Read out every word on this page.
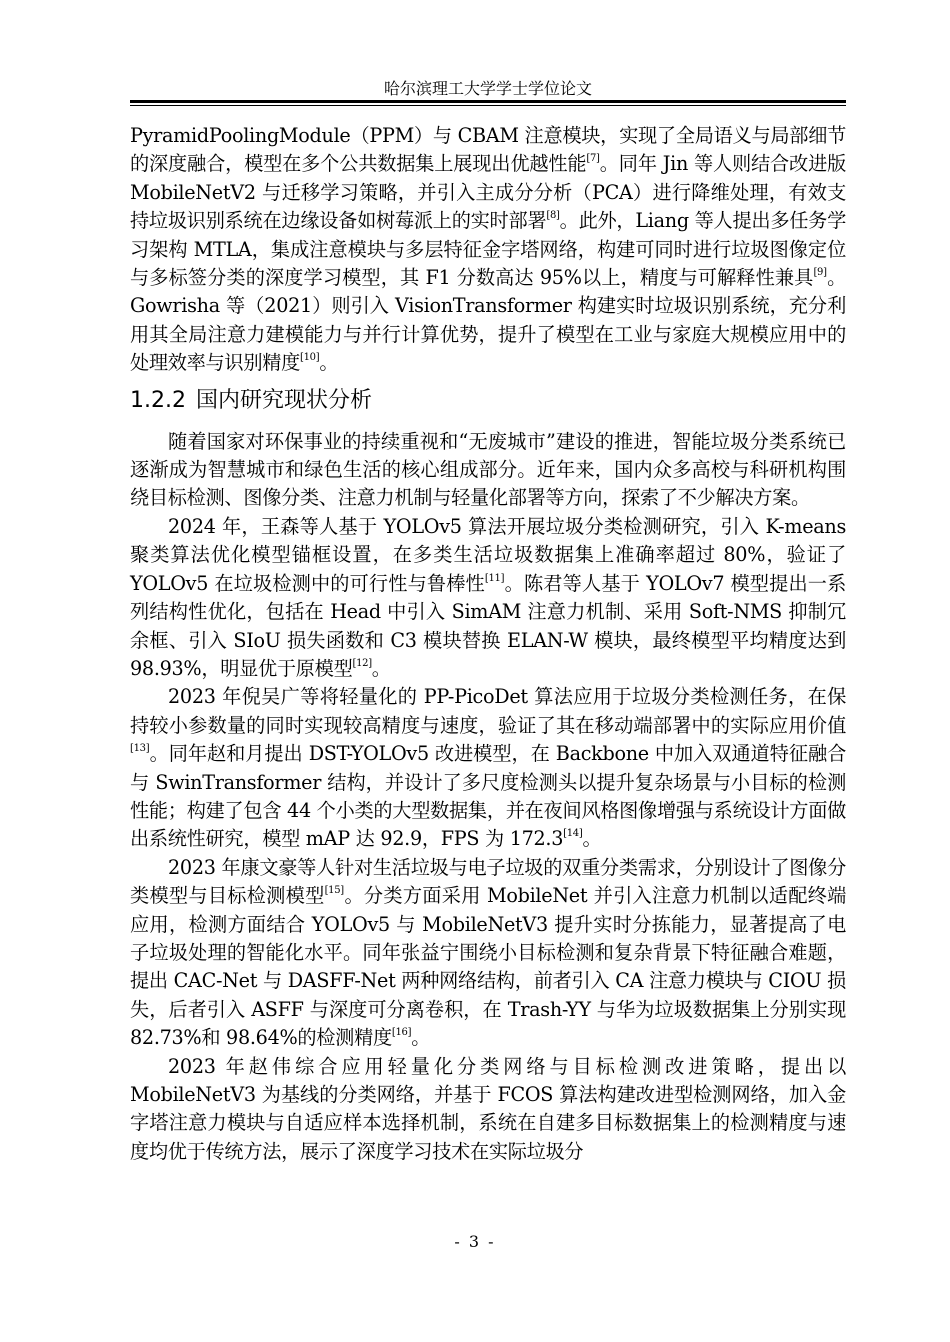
哈尔滨理工大学学士学位论文

PyramidPoolingModule（PPM）与 CBAM 注意模块，实现了全局语义与局部细节的深度融合，模型在多个公共数据集上展现出优越性能[7]。同年 Jin 等人则结合改进版 MobileNetV2 与迁移学习策略，并引入主成分分析（PCA）进行降维处理，有效支持垃圾识别系统在边缘设备如树莓派上的实时部署[8]。此外，Liang 等人提出多任务学习架构 MTLA，集成注意模块与多层特征金字塔网络，构建可同时进行垃圾图像定位与多标签分类的深度学习模型，其 F1 分数高达 95%以上，精度与可解释性兼具[9]。Gowrisha 等（2021）则引入 VisionTransformer 构建实时垃圾识别系统，充分利用其全局注意力建模能力与并行计算优势，提升了模型在工业与家庭大规模应用中的处理效率与识别精度[10]。

1.2.2 国内研究现状分析

随着国家对环保事业的持续重视和“无废城市”建设的推进，智能垃圾分类系统已逐渐成为智慧城市和绿色生活的核心组成部分。近年来，国内众多高校与科研机构围绕目标检测、图像分类、注意力机制与轻量化部署等方向，探索了不少解决方案。

2024 年，王森等人基于 YOLOv5 算法开展垃圾分类检测研究，引入 K-means 聚类算法优化模型锚框设置，在多类生活垃圾数据集上准确率超过 80%，验证了 YOLOv5 在垃圾检测中的可行性与鲁棒性[11]。陈君等人基于 YOLOv7 模型提出一系列结构性优化，包括在 Head 中引入 SimAM 注意力机制、采用 Soft-NMS 抑制冗余框、引入 SIoU 损失函数和 C3 模块替换 ELAN-W 模块，最终模型平均精度达到 98.93%，明显优于原模型[12]。

2023 年倪吴广等将轻量化的 PP-PicoDet 算法应用于垃圾分类检测任务，在保持较小参数量的同时实现较高精度与速度，验证了其在移动端部署中的实际应用价值[13]。同年赵和月提出 DST-YOLOv5 改进模型，在 Backbone 中加入双通道特征融合与 SwinTransformer 结构，并设计了多尺度检测头以提升复杂场景与小目标的检测性能；构建了包含 44 个小类的大型数据集，并在夜间风格图像增强与系统设计方面做出系统性研究，模型 mAP 达 92.9，FPS 为 172.3[14]。

2023 年康文豪等人针对生活垃圾与电子垃圾的双重分类需求，分别设计了图像分类模型与目标检测模型[15]。分类方面采用 MobileNet 并引入注意力机制以适配终端应用，检测方面结合 YOLOv5 与 MobileNetV3 提升实时分拣能力，显著提高了电子垃圾处理的智能化水平。同年张益宁围绕小目标检测和复杂背景下特征融合难题，提出 CAC-Net 与 DASFF-Net 两种网络结构，前者引入 CA 注意力模块与 CIOU 损失，后者引入 ASFF 与深度可分离卷积，在 Trash-YY 与华为垃圾数据集上分别实现 82.73%和 98.64%的检测精度[16]。

2023 年赵伟综合应用轻量化分类网络与目标检测改进策略，提出以 MobileNetV3 为基线的分类网络，并基于 FCOS 算法构建改进型检测网络，加入金字塔注意力模块与自适应样本选择机制，系统在自建多目标数据集上的检测精度与速度均优于传统方法，展示了深度学习技术在实际垃圾分

- 3 -
